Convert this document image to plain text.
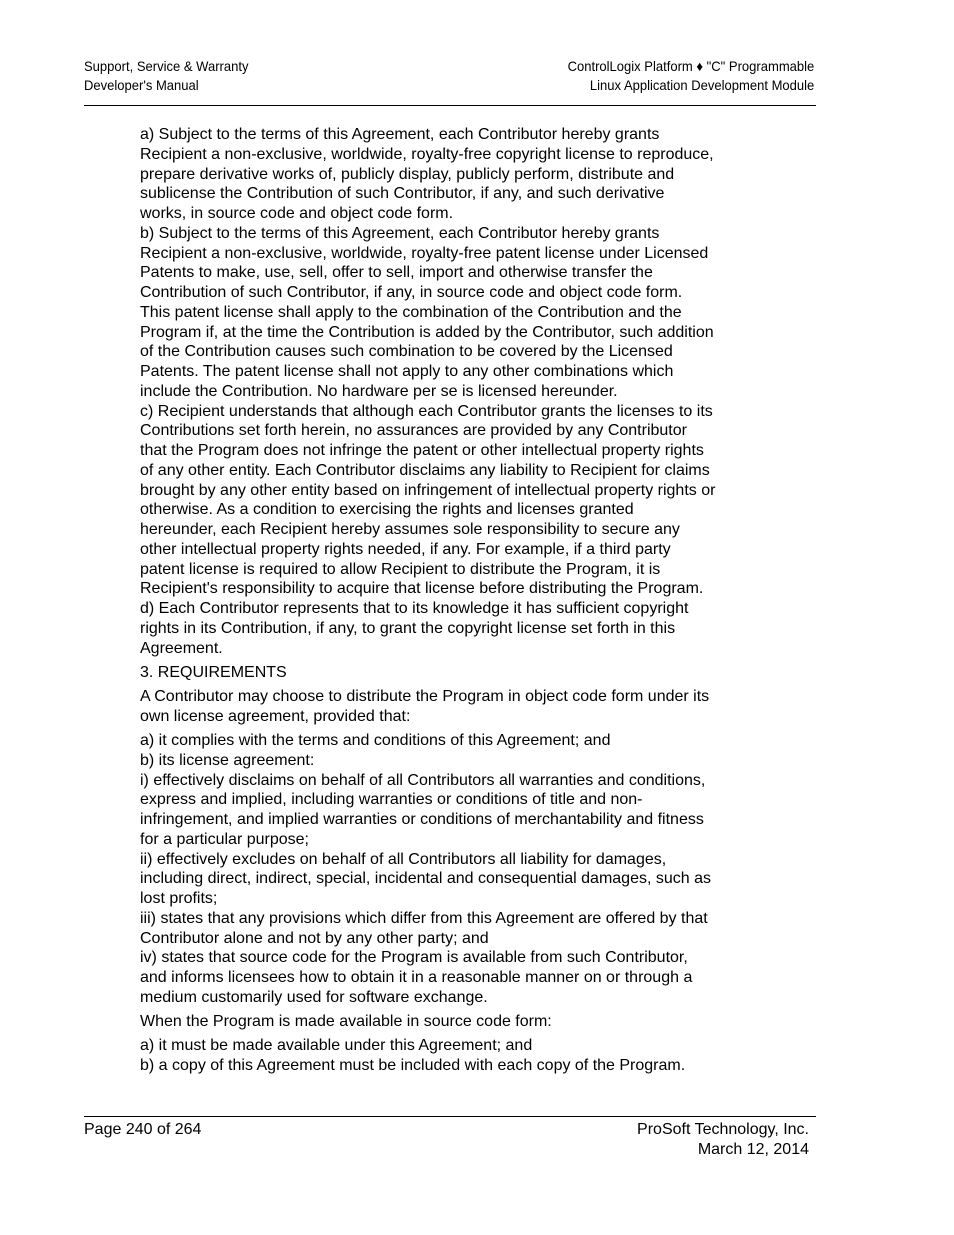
Support, Service & Warranty
Developer's Manual
ControlLogix Platform ♦ "C" Programmable
Linux Application Development Module

a) Subject to the terms of this Agreement, each Contributor hereby grants

Recipient a non-exclusive, worldwide, royalty-free copyright license to reproduce,

prepare derivative works of, publicly display, publicly perform, distribute and

sublicense the Contribution of such Contributor, if any, and such derivative

works, in source code and object code form.

b) Subject to the terms of this Agreement, each Contributor hereby grants

Recipient a non-exclusive, worldwide, royalty-free patent license under Licensed

Patents to make, use, sell, offer to sell, import and otherwise transfer the

Contribution of such Contributor, if any, in source code and object code form.

This patent license shall apply to the combination of the Contribution and the

Program if, at the time the Contribution is added by the Contributor, such addition

of the Contribution causes such combination to be covered by the Licensed

Patents. The patent license shall not apply to any other combinations which

include the Contribution. No hardware per se is licensed hereunder.

c) Recipient understands that although each Contributor grants the licenses to its

Contributions set forth herein, no assurances are provided by any Contributor

that the Program does not infringe the patent or other intellectual property rights

of any other entity. Each Contributor disclaims any liability to Recipient for claims

brought by any other entity based on infringement of intellectual property rights or

otherwise. As a condition to exercising the rights and licenses granted

hereunder, each Recipient hereby assumes sole responsibility to secure any

other intellectual property rights needed, if any. For example, if a third party

patent license is required to allow Recipient to distribute the Program, it is

Recipient's responsibility to acquire that license before distributing the Program.

d) Each Contributor represents that to its knowledge it has sufficient copyright

rights in its Contribution, if any, to grant the copyright license set forth in this

Agreement.

3. REQUIREMENTS

A Contributor may choose to distribute the Program in object code form under its

own license agreement, provided that:

a) it complies with the terms and conditions of this Agreement; and

b) its license agreement:

i) effectively disclaims on behalf of all Contributors all warranties and conditions,

express and implied, including warranties or conditions of title and non-

infringement, and implied warranties or conditions of merchantability and fitness

for a particular purpose;

ii) effectively excludes on behalf of all Contributors all liability for damages,

including direct, indirect, special, incidental and consequential damages, such as

lost profits;

iii) states that any provisions which differ from this Agreement are offered by that

Contributor alone and not by any other party; and

iv) states that source code for the Program is available from such Contributor,

and informs licensees how to obtain it in a reasonable manner on or through a

medium customarily used for software exchange.

When the Program is made available in source code form:

a) it must be made available under this Agreement; and

b) a copy of this Agreement must be included with each copy of the Program.

Page 240 of 264	ProSoft Technology, Inc.
March 12, 2014
